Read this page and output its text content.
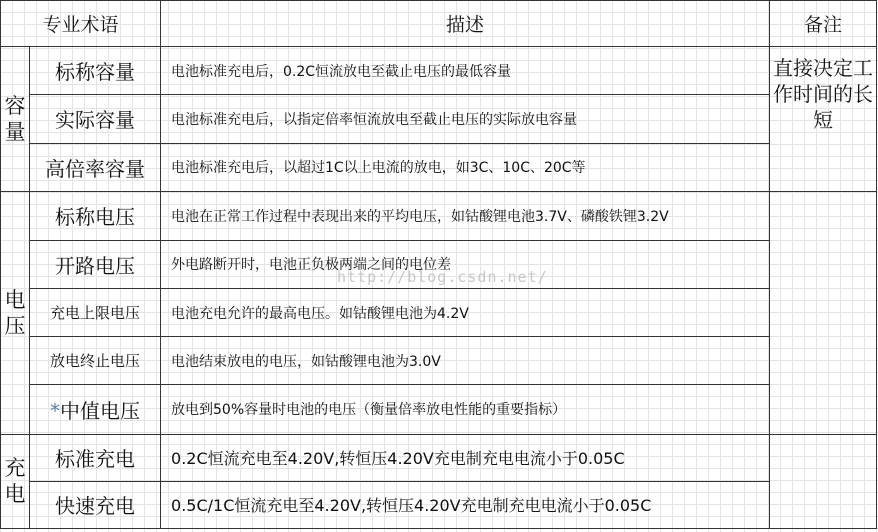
专业术语		描述	备注
容量	标称容量	电池标准充电后，0.2C恒流放电至截止电压的最低容量	直接决定工作时间的长短
	实际容量	电池标准充电后，以指定倍率恒流放电至截止电压的实际放电容量	
	高倍率容量	电池标准充电后，以超过1C以上电流的放电，如3C、10C、20C等	
电压	标称电压	电池在正常工作过程中表现出来的平均电压，如钴酸锂电池3.7V、磷酸铁锂3.2V	
	开路电压	外电路断开时，电池正负极两端之间的电位差	
	充电上限电压	电池充电允许的最高电压。如钴酸锂电池为4.2V	
	放电终止电压	电池结束放电的电压，如钴酸锂电池为3.0V	
	*中值电压	放电到50%容量时电池的电压（衡量倍率放电性能的重要指标）	
充电	标准充电	0.2C恒流充电至4.20V,转恒压4.20V充电制充电电流小于0.05C	
	快速充电	0.5C/1C恒流充电至4.20V,转恒压4.20V充电制充电电流小于0.05C	
http://blog.csdn.net/
